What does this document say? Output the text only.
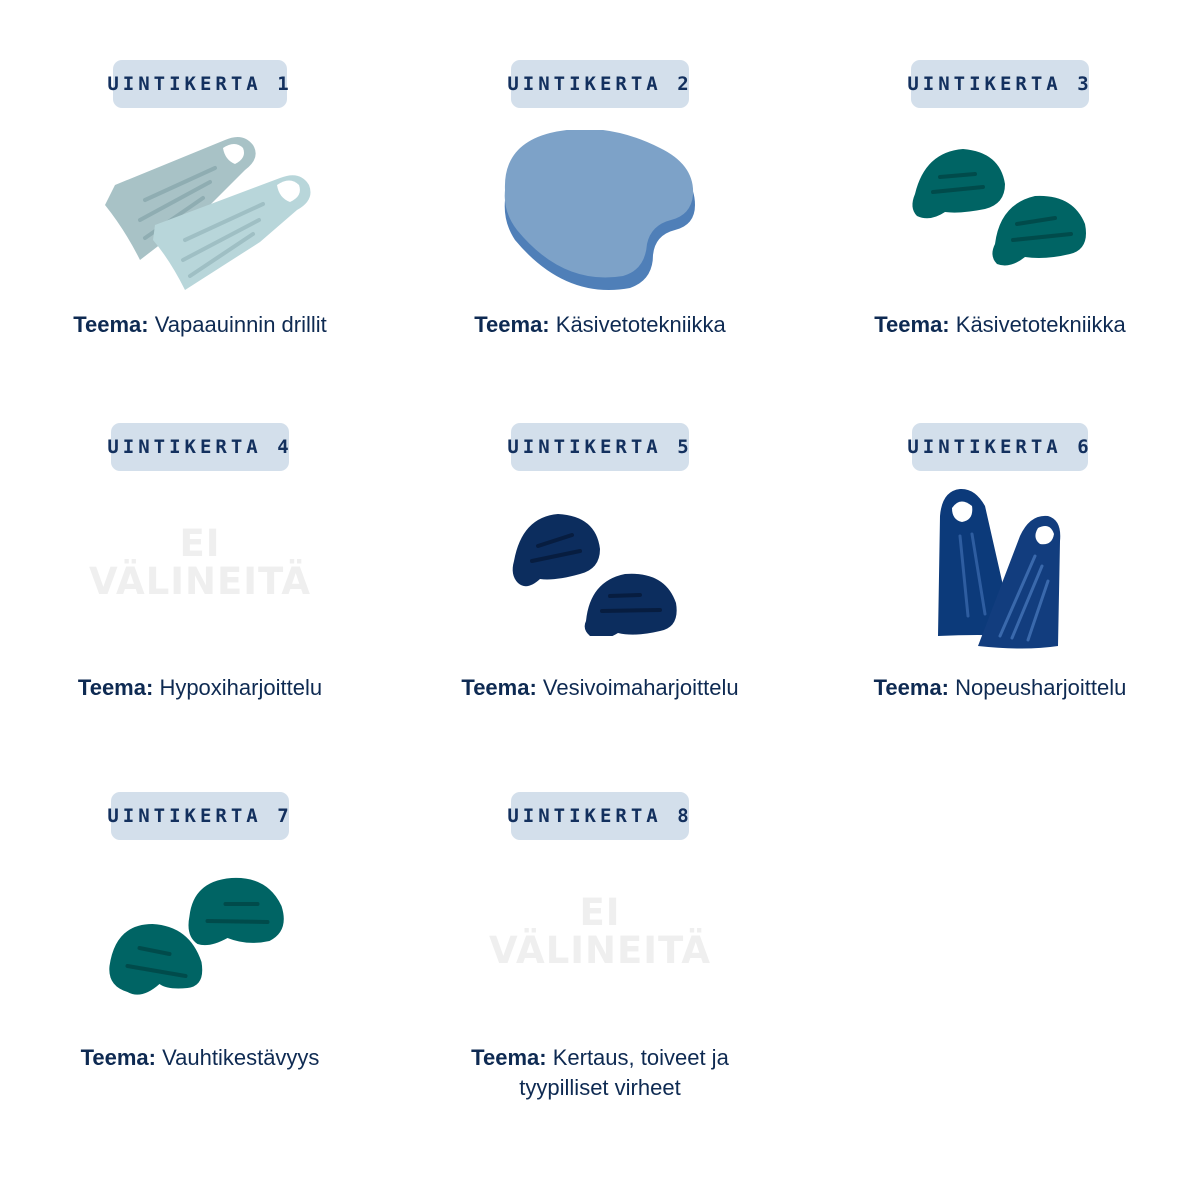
UINTIKERTA 1
Teema: Vapaauinnin drillit
UINTIKERTA 2
Teema: Käsivetotekniikka
UINTIKERTA 3
Teema: Käsivetotekniikka
UINTIKERTA 4
EI
VÄLINEITÄ
Teema: Hypoxiharjoittelu
UINTIKERTA 5
Teema: Vesivoimaharjoittelu
UINTIKERTA 6
Teema: Nopeusharjoittelu
UINTIKERTA 7
Teema: Vauhtikestävyys
UINTIKERTA 8
EI
VÄLINEITÄ
Teema: Kertaus, toiveet ja
tyypilliset virheet
